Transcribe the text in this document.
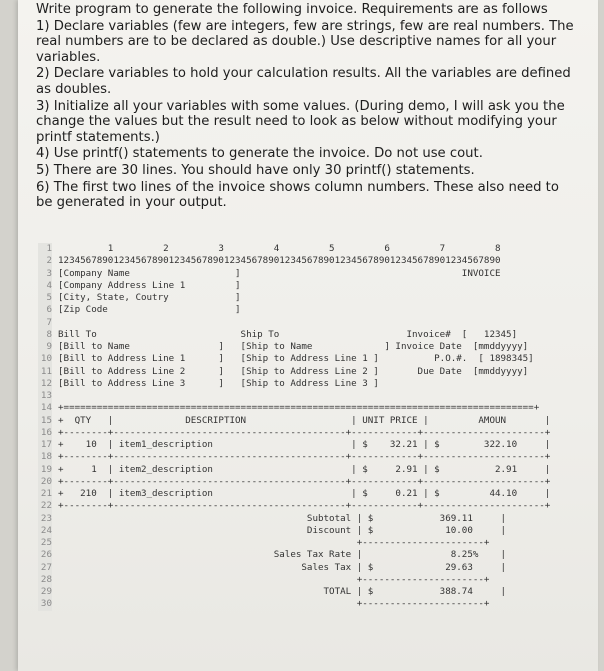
Write program to generate the following invoice. Requirements are as follows

1) Declare variables (few are integers, few are strings, few are real numbers. The real numbers are to be declared as double.) Use descriptive names for all your variables.

2) Declare variables to hold your calculation results. All the variables are defined as doubles.

3) Initialize all your variables with some values. (During demo, I will ask you the change the values but the result need to look as below without modifying your printf statements.)

4) Use printf() statements to generate the invoice. Do not use cout.

5) There are 30 lines. You should have only 30 printf() statements.

6) The first two lines of the invoice shows column numbers. These also need to be generated in your output.

1 1         2         3         4         5         6         7         8
2 12345678901234567890123456789012345678901234567890123456789012345678901234567890
3 [Company Name                   ]                                        INVOICE
4 [Company Address Line 1         ]
5 [City, State, Coutry            ]
6 [Zip Code                       ]
7
8 Bill To                          Ship To                       Invoice#  [   12345]
9 [Bill to Name                ]   [Ship to Name             ] Invoice Date  [mmddyyyy]
10 [Bill to Address Line 1      ]   [Ship to Address Line 1 ]          P.O.#.  [ 1898345]
11 [Bill to Address Line 2      ]   [Ship to Address Line 2 ]       Due Date  [mmddyyyy]
12 [Bill to Address Line 3      ]   [Ship to Address Line 3 ]
13
14 +=====================================================================================+
15 +  QTY   |             DESCRIPTION                   | UNIT PRICE |         AMOUN       |
16 +--------+------------------------------------------+------------+----------------------+
17 +    10  | item1_description                         | $    32.21 | $        322.10     |
18 +--------+------------------------------------------+------------+----------------------+
19 +     1  | item2_description                         | $     2.91 | $          2.91     |
20 +--------+------------------------------------------+------------+----------------------+
21 +   210  | item3_description                         | $     0.21 | $         44.10     |
22 +--------+------------------------------------------+------------+----------------------+
23 Subtotal | $            369.11     |
24 Discount | $             10.00     |
25 +----------------------+
26 Sales Tax Rate |                8.25%    |
27 Sales Tax | $             29.63     |
28 +----------------------+
29 TOTAL | $            388.74     |
30 +----------------------+
